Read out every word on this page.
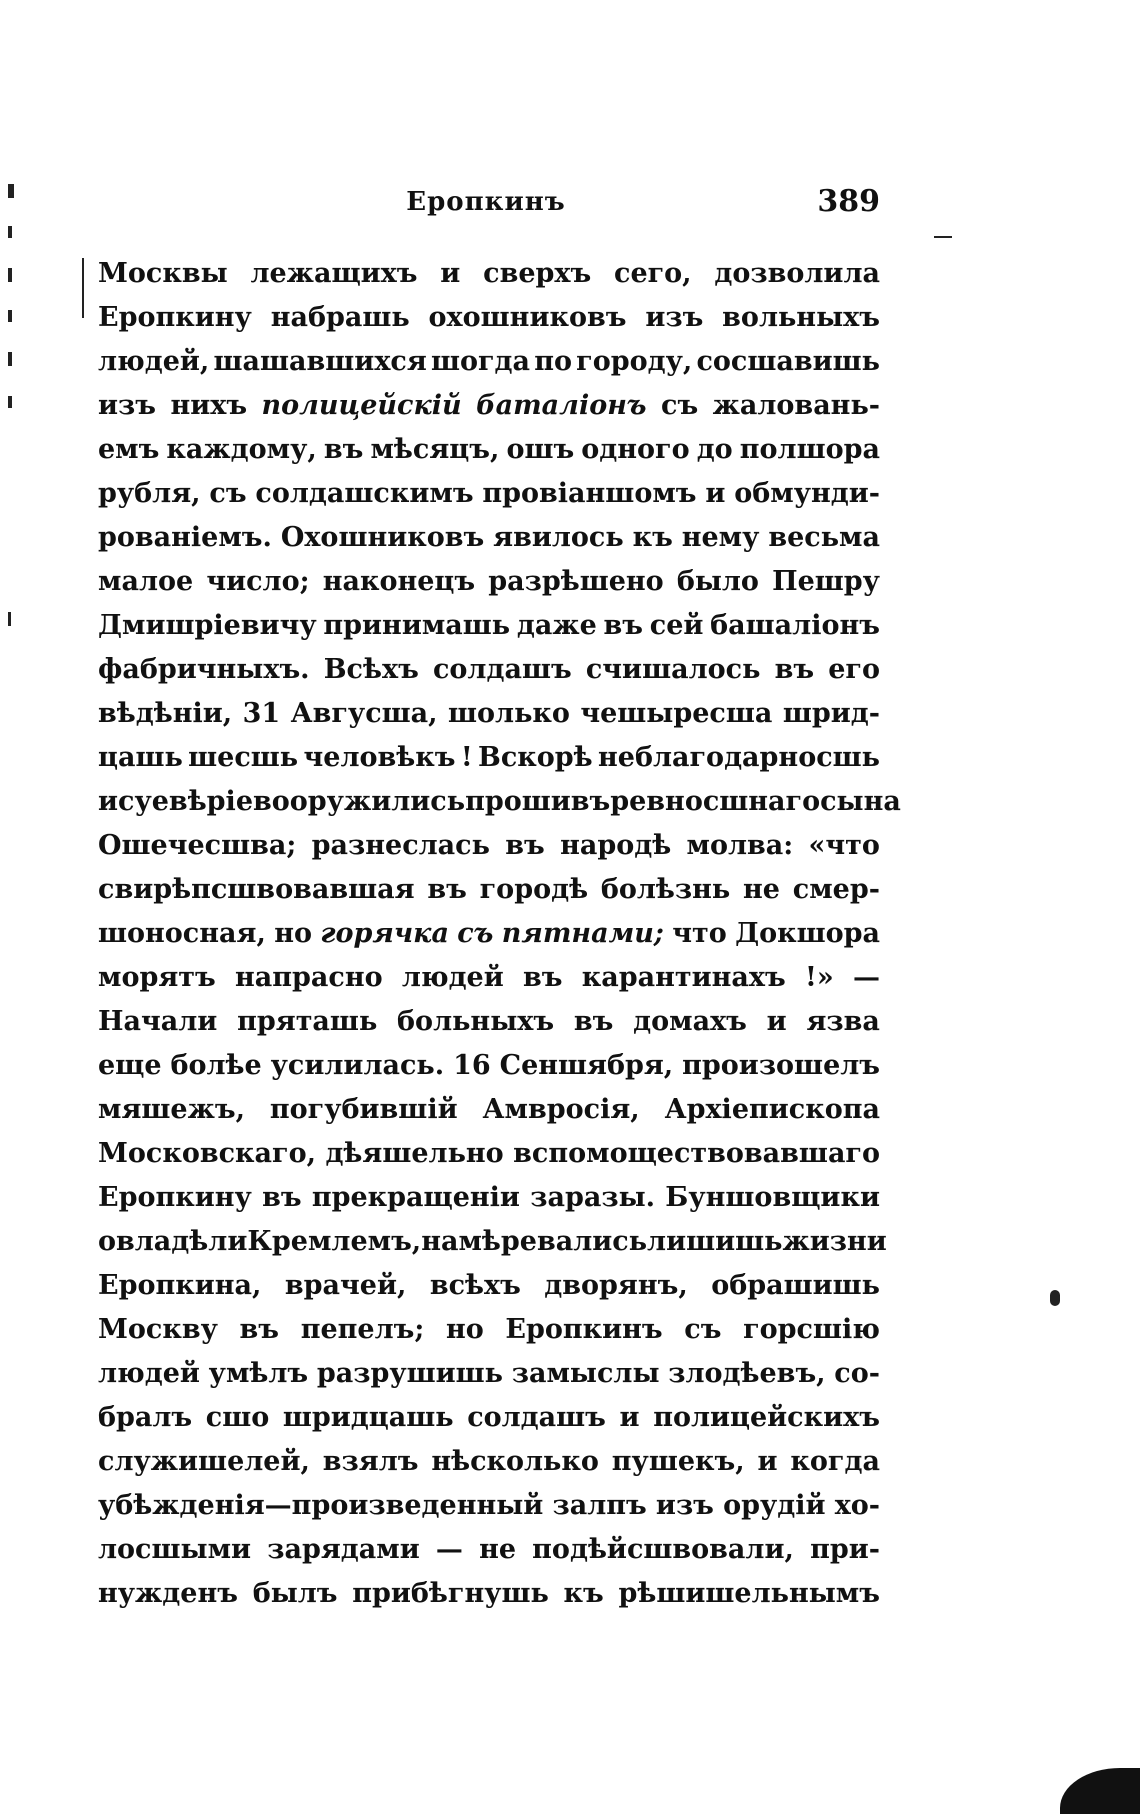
Еропкинъ	389
Москвы лежащихъ и сверхъ сего, дозволила
Еропкину набрашь охошниковъ изъ вольныхъ
людей, шашавшихся шогда по городу, сосшавишь
изъ нихъ полицейскiй баталiонъ съ жаловань-
емъ каждому, въ мѣсяцъ, ошъ одного до полшора
рубля, съ солдашскимъ провiаншомъ и обмунди-
рованiемъ. Охошниковъ явилось къ нему весьма
малое число; наконецъ разрѣшено было Пешру
Дмишрiевичу принимашь даже въ сей башалiонъ
фабричныхъ. Всѣхъ солдашъ счишалось въ его
вѣдѣнiи, 31 Авгусша, шолько чешыресша шрид-
цашь шесшь человѣкъ ! Вскорѣ неблагодарносшь
и суевѣрiе вооружились прошивъ ревносшнаго сына
Ошечесшва; разнеслась въ народѣ молва: «что
свирѣпсшвовавшая въ городѣ болѣзнь не смер-
шоносная, но горячка съ пятнами; что Докшора
морятъ напрасно людей въ карантинахъ !» —
Начали пряташь больныхъ въ домахъ и язва
еще болѣе усилилась. 16 Сеншября, произошелъ
мяшежъ, погубившiй Амвросiя, Архiепископа
Московскаго, дѣяшельно вспомоществовавшаго
Еропкину въ прекращенiи заразы. Буншовщики
овладѣли Кремлемъ, намѣревались лишишь жизни
Еропкина, врачей, всѣхъ дворянъ, обрашишь
Москву въ пепелъ; но Еропкинъ съ горсшiю
людей умѣлъ разрушишь замыслы злодѣевъ, со-
бралъ сшо шридцашь солдашъ и полицейскихъ
служишелей, взялъ нѣсколько пушекъ, и когда
убѣжденiя—произведенный залпъ изъ орудiй хо-
лосшыми зарядами — не подѣйсшвовали, при-
нужденъ былъ прибѣгнушь къ рѣшишельнымъ
